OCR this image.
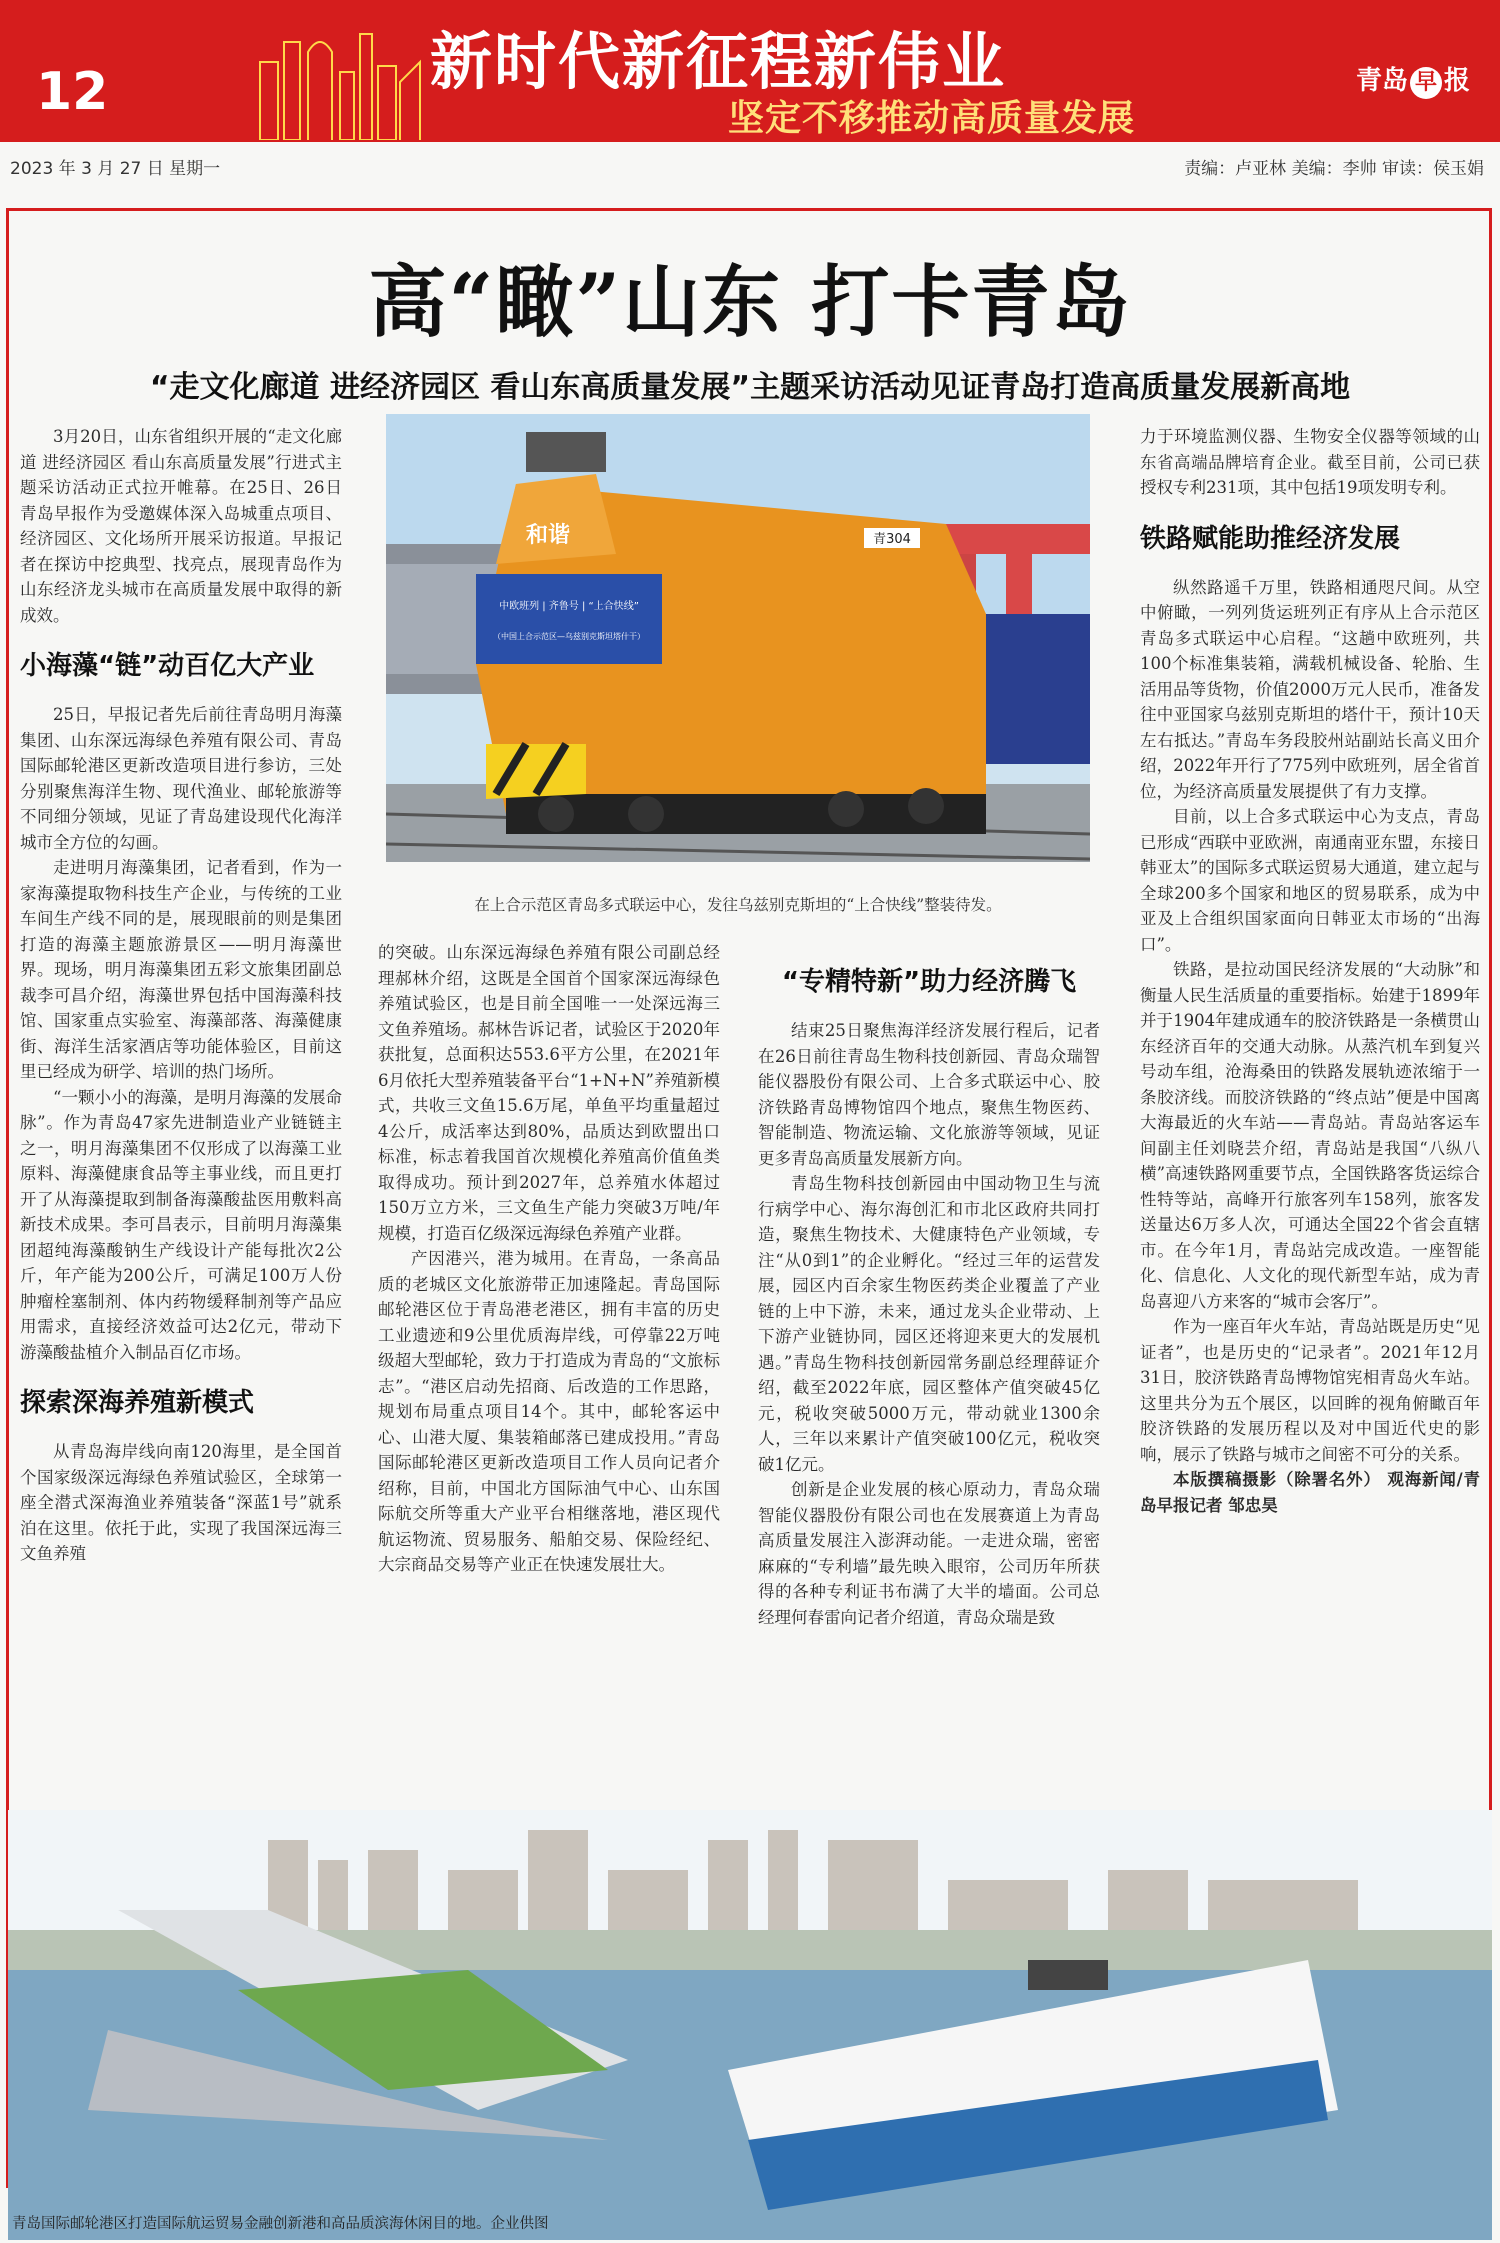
12	新时代新征程新伟业
坚定不移推动高质量发展
青岛 早 报
2023 年 3 月 27 日 星期一	责编：卢亚林 美编：李帅 审读：侯玉娟
高“瞰”山东 打卡青岛
“走文化廊道 进经济园区 看山东高质量发展”主题采访活动见证青岛打造高质量发展新高地

3月20日，山东省组织开展的“走文化廊道 进经济园区 看山东高质量发展”行进式主题采访活动正式拉开帷幕。在25日、26日青岛早报作为受邀媒体深入岛城重点项目、经济园区、文化场所开展采访报道。早报记者在探访中挖典型、找亮点，展现青岛作为山东经济龙头城市在高质量发展中取得的新成效。

小海藻“链”动百亿大产业

25日，早报记者先后前往青岛明月海藻集团、山东深远海绿色养殖有限公司、青岛国际邮轮港区更新改造项目进行参访，三处分别聚焦海洋生物、现代渔业、邮轮旅游等不同细分领域，见证了青岛建设现代化海洋城市全方位的勾画。

走进明月海藻集团，记者看到，作为一家海藻提取物科技生产企业，与传统的工业车间生产线不同的是，展现眼前的则是集团打造的海藻主题旅游景区——明月海藻世界。现场，明月海藻集团五彩文旅集团副总裁李可昌介绍，海藻世界包括中国海藻科技馆、国家重点实验室、海藻部落、海藻健康街、海洋生活家酒店等功能体验区，目前这里已经成为研学、培训的热门场所。

“一颗小小的海藻，是明月海藻的发展命脉”。作为青岛47家先进制造业产业链链主之一，明月海藻集团不仅形成了以海藻工业原料、海藻健康食品等主事业线，而且更打开了从海藻提取到制备海藻酸盐医用敷料高新技术成果。李可昌表示，目前明月海藻集团超纯海藻酸钠生产线设计产能每批次2公斤，年产能为200公斤，可满足100万人份肿瘤栓塞制剂、体内药物缓释制剂等产品应用需求，直接经济效益可达2亿元，带动下游藻酸盐植介入制品百亿市场。

探索深海养殖新模式

从青岛海岸线向南120海里，是全国首个国家级深远海绿色养殖试验区，全球第一座全潜式深海渔业养殖装备“深蓝1号”就系泊在这里。依托于此，实现了我国深远海三文鱼养殖

中欧班列 | 齐鲁号 | “上合快线”
（中国上合示范区—乌兹别克斯坦塔什干）
和谐	青304
在上合示范区青岛多式联运中心，发往乌兹别克斯坦的“上合快线”整装待发。

的突破。山东深远海绿色养殖有限公司副总经理郝林介绍，这既是全国首个国家深远海绿色养殖试验区，也是目前全国唯一一处深远海三文鱼养殖场。郝林告诉记者，试验区于2020年获批复，总面积达553.6平方公里，在2021年6月依托大型养殖装备平台“1+N+N”养殖新模式，共收三文鱼15.6万尾，单鱼平均重量超过4公斤，成活率达到80%，品质达到欧盟出口标准，标志着我国首次规模化养殖高价值鱼类取得成功。预计到2027年，总养殖水体超过150万立方米，三文鱼生产能力突破3万吨/年规模，打造百亿级深远海绿色养殖产业群。

产因港兴，港为城用。在青岛，一条高品质的老城区文化旅游带正加速隆起。青岛国际邮轮港区位于青岛港老港区，拥有丰富的历史工业遗迹和9公里优质海岸线，可停靠22万吨级超大型邮轮，致力于打造成为青岛的“文旅标志”。“港区启动先招商、后改造的工作思路，规划布局重点项目14个。其中，邮轮客运中心、山港大厦、集装箱邮落已建成投用。”青岛国际邮轮港区更新改造项目工作人员向记者介绍称，目前，中国北方国际油气中心、山东国际航交所等重大产业平台相继落地，港区现代航运物流、贸易服务、船舶交易、保险经纪、大宗商品交易等产业正在快速发展壮大。

“专精特新”助力经济腾飞

结束25日聚焦海洋经济发展行程后，记者在26日前往青岛生物科技创新园、青岛众瑞智能仪器股份有限公司、上合多式联运中心、胶济铁路青岛博物馆四个地点，聚焦生物医药、智能制造、物流运输、文化旅游等领域，见证更多青岛高质量发展新方向。

青岛生物科技创新园由中国动物卫生与流行病学中心、海尔海创汇和市北区政府共同打造，聚焦生物技术、大健康特色产业领域，专注“从0到1”的企业孵化。“经过三年的运营发展，园区内百余家生物医药类企业覆盖了产业链的上中下游，未来，通过龙头企业带动、上下游产业链协同，园区还将迎来更大的发展机遇。”青岛生物科技创新园常务副总经理薛证介绍，截至2022年底，园区整体产值突破45亿元，税收突破5000万元，带动就业1300余人，三年以来累计产值突破100亿元，税收突破1亿元。

创新是企业发展的核心原动力，青岛众瑞智能仪器股份有限公司也在发展赛道上为青岛高质量发展注入澎湃动能。一走进众瑞，密密麻麻的“专利墙”最先映入眼帘，公司历年所获得的各种专利证书布满了大半的墙面。公司总经理何春雷向记者介绍道，青岛众瑞是致

力于环境监测仪器、生物安全仪器等领域的山东省高端品牌培育企业。截至目前，公司已获授权专利231项，其中包括19项发明专利。

铁路赋能助推经济发展

纵然路遥千万里，铁路相通咫尺间。从空中俯瞰，一列列货运班列正有序从上合示范区青岛多式联运中心启程。“这趟中欧班列，共100个标准集装箱，满载机械设备、轮胎、生活用品等货物，价值2000万元人民币，准备发往中亚国家乌兹别克斯坦的塔什干，预计10天左右抵达。”青岛车务段胶州站副站长高义田介绍，2022年开行了775列中欧班列，居全省首位，为经济高质量发展提供了有力支撑。

目前，以上合多式联运中心为支点，青岛已形成“西联中亚欧洲，南通南亚东盟，东接日韩亚太”的国际多式联运贸易大通道，建立起与全球200多个国家和地区的贸易联系，成为中亚及上合组织国家面向日韩亚太市场的“出海口”。

铁路，是拉动国民经济发展的“大动脉”和衡量人民生活质量的重要指标。始建于1899年并于1904年建成通车的胶济铁路是一条横贯山东经济百年的交通大动脉。从蒸汽机车到复兴号动车组，沧海桑田的铁路发展轨迹浓缩于一条胶济线。而胶济铁路的“终点站”便是中国离大海最近的火车站——青岛站。青岛站客运车间副主任刘晓芸介绍，青岛站是我国“八纵八横”高速铁路网重要节点，全国铁路客货运综合性特等站，高峰开行旅客列车158列，旅客发送量达6万多人次，可通达全国22个省会直辖市。在今年1月，青岛站完成改造。一座智能化、信息化、人文化的现代新型车站，成为青岛喜迎八方来客的“城市会客厅”。

作为一座百年火车站，青岛站既是历史“见证者”，也是历史的“记录者”。2021年12月31日，胶济铁路青岛博物馆宪相青岛火车站。这里共分为五个展区，以回眸的视角俯瞰百年胶济铁路的发展历程以及对中国近代史的影响，展示了铁路与城市之间密不可分的关系。

本版撰稿摄影（除署名外） 观海新闻/青岛早报记者 邹忠昊

青岛国际邮轮港区打造国际航运贸易金融创新港和高品质滨海休闲目的地。企业供图
